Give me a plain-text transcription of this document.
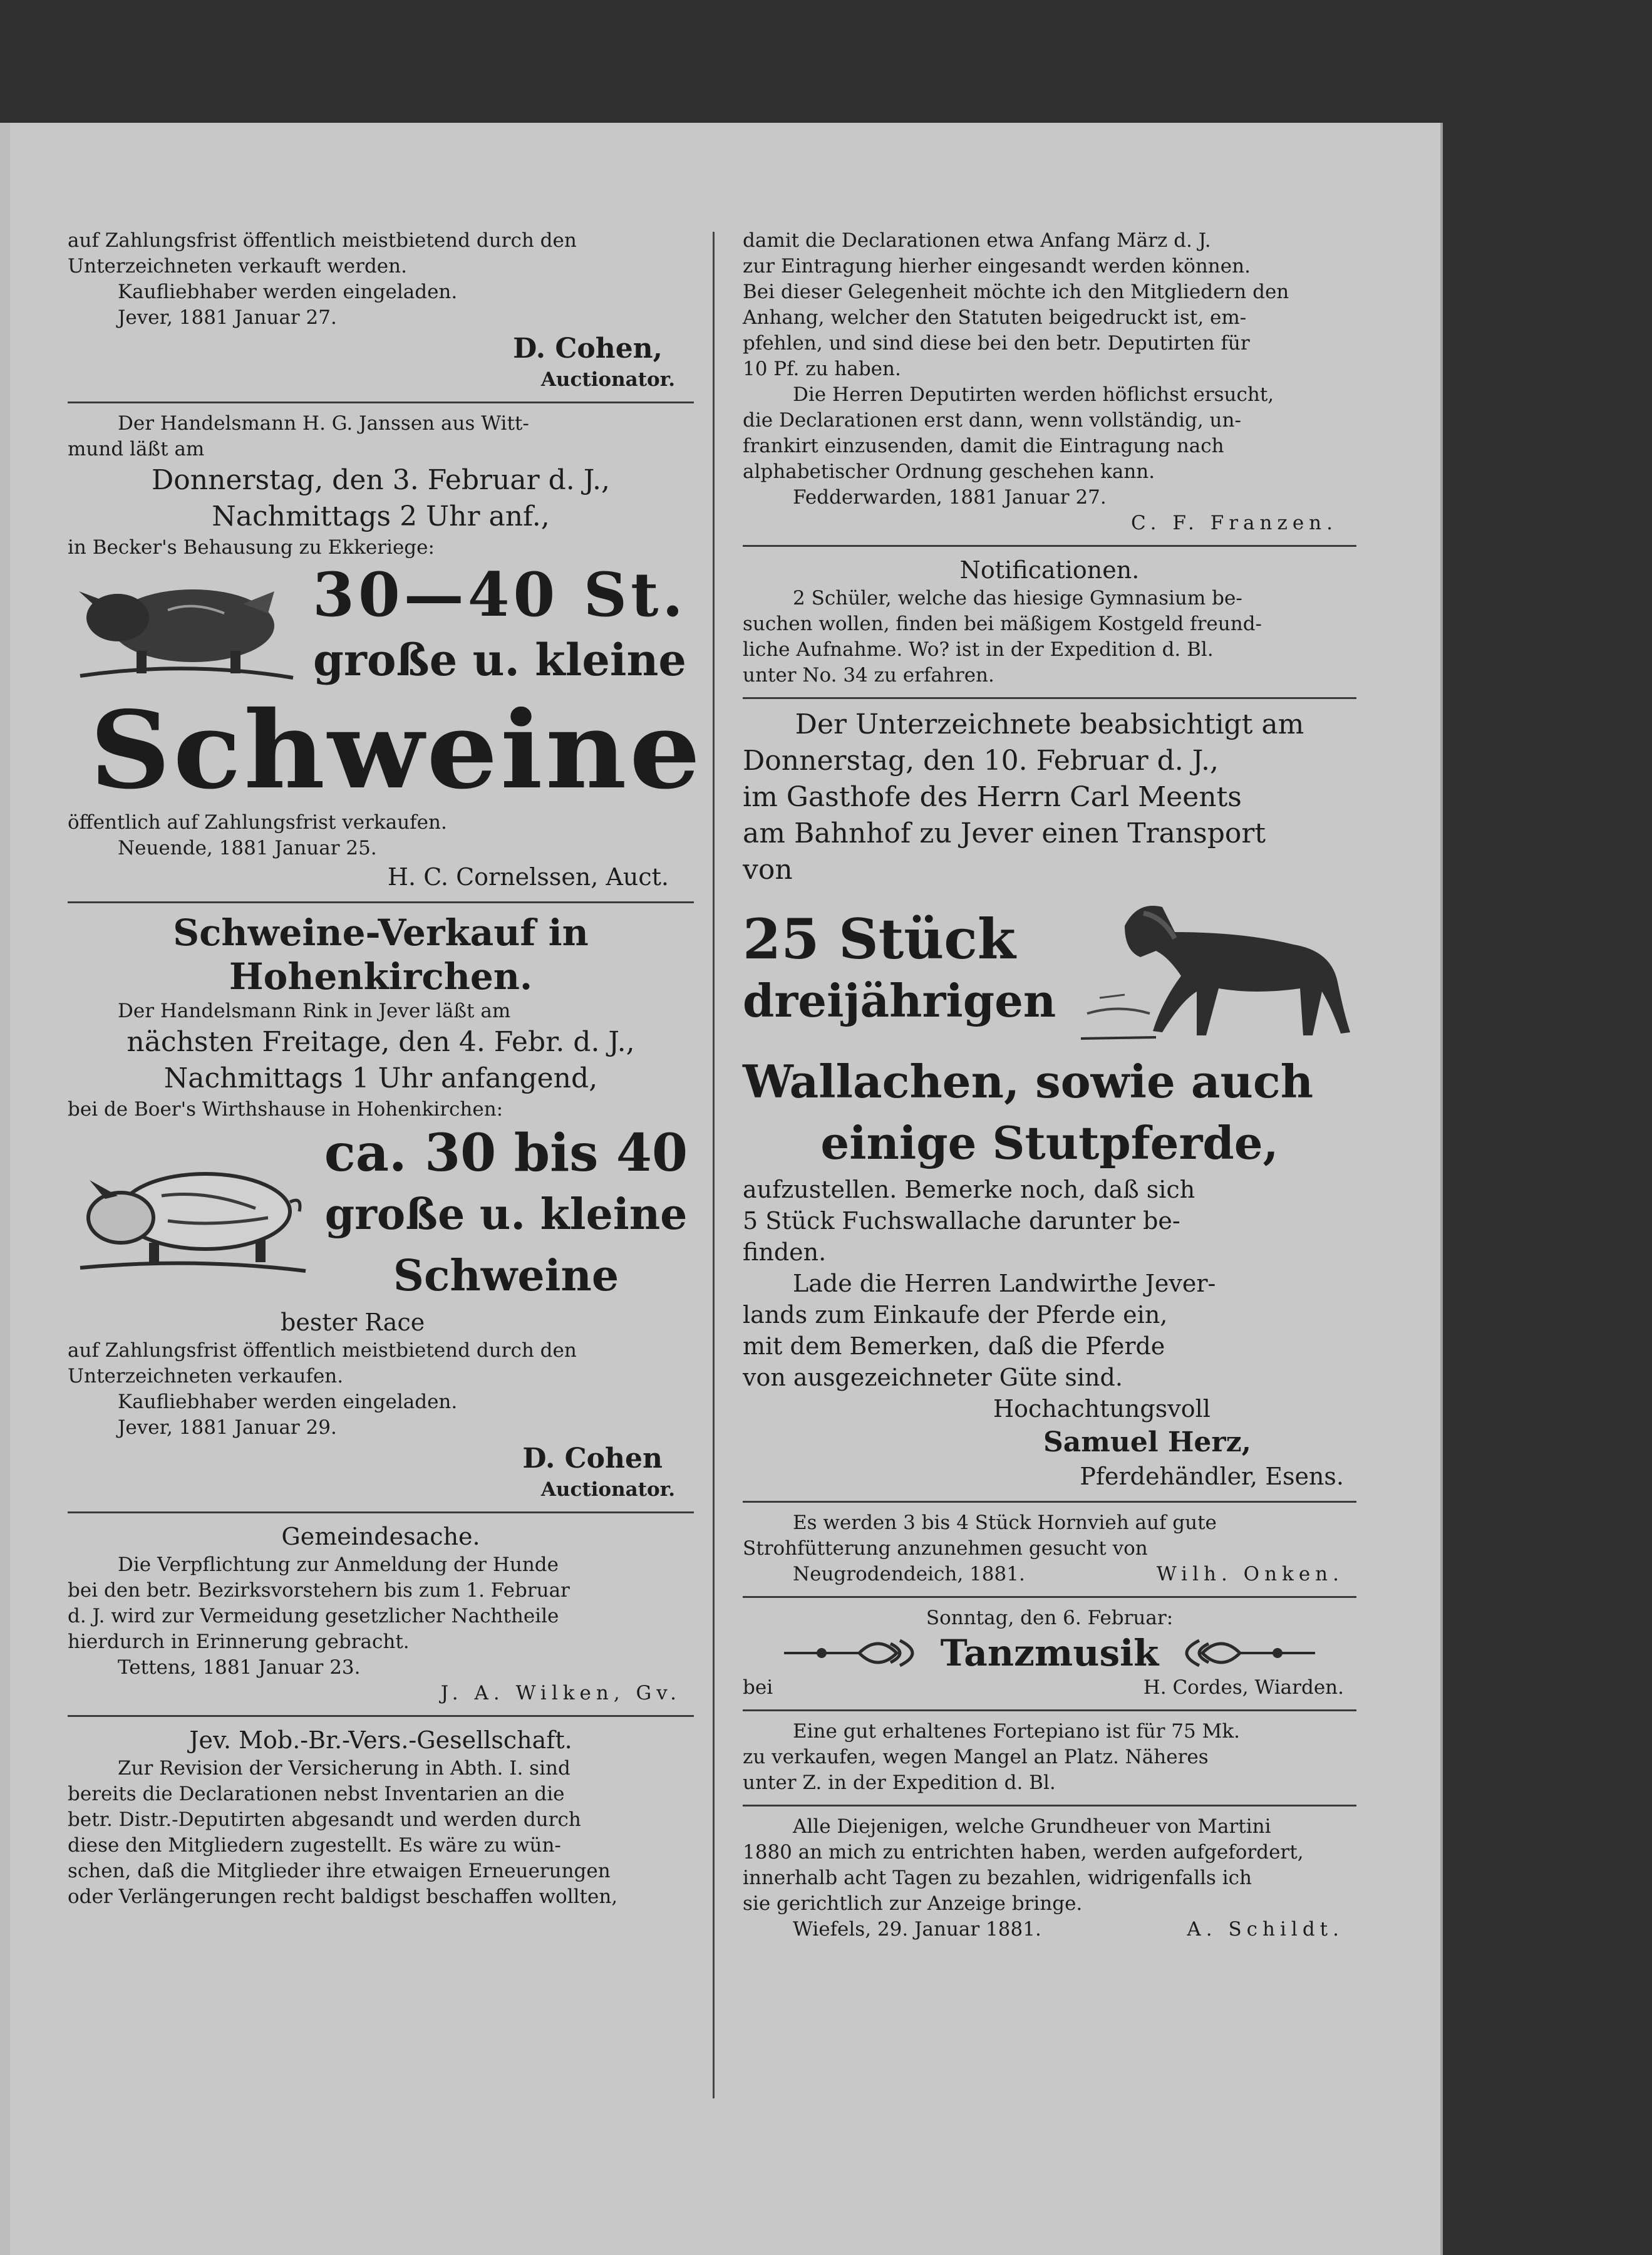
auf Zahlungsfrist öffentlich meistbietend durch den

Unterzeichneten verkauft werden.

Kaufliebhaber werden eingeladen.

Jever, 1881 Januar 27.

D. Cohen,

Auctionator.

Der Handelsmann H. G. Janssen aus Witt-

mund läßt am

Donnerstag, den 3. Februar d. J.,

Nachmittags 2 Uhr anf.,

in Becker's Behausung zu Ekkeriege:

30—40 St.

große u. kleine

Schweine

öffentlich auf Zahlungsfrist verkaufen.

Neuende, 1881 Januar 25.

H. C. Cornelssen, Auct.

Schweine-Verkauf in

Hohenkirchen.

Der Handelsmann Rink in Jever läßt am

nächsten Freitage, den 4. Febr. d. J.,

Nachmittags 1 Uhr anfangend,

bei de Boer's Wirthshause in Hohenkirchen:

ca. 30 bis 40

große u. kleine

Schweine

bester Race

auf Zahlungsfrist öffentlich meistbietend durch den

Unterzeichneten verkaufen.

Kaufliebhaber werden eingeladen.

Jever, 1881 Januar 29.

D. Cohen

Auctionator.

Gemeindesache.

Die Verpflichtung zur Anmeldung der Hunde

bei den betr. Bezirksvorstehern bis zum 1. Februar

d. J. wird zur Vermeidung gesetzlicher Nachtheile

hierdurch in Erinnerung gebracht.

Tettens, 1881 Januar 23.

J. A. Wilken, Gv.

Jev. Mob.-Br.-Vers.-Gesellschaft.

Zur Revision der Versicherung in Abth. I. sind

bereits die Declarationen nebst Inventarien an die

betr. Distr.-Deputirten abgesandt und werden durch

diese den Mitgliedern zugestellt. Es wäre zu wün-

schen, daß die Mitglieder ihre etwaigen Erneuerungen

oder Verlängerungen recht baldigst beschaffen wollten,

damit die Declarationen etwa Anfang März d. J.

zur Eintragung hierher eingesandt werden können.

Bei dieser Gelegenheit möchte ich den Mitgliedern den

Anhang, welcher den Statuten beigedruckt ist, em-

pfehlen, und sind diese bei den betr. Deputirten für

10 Pf. zu haben.

Die Herren Deputirten werden höflichst ersucht,

die Declarationen erst dann, wenn vollständig, un-

frankirt einzusenden, damit die Eintragung nach

alphabetischer Ordnung geschehen kann.

Fedderwarden, 1881 Januar 27.

C. F. Franzen.

Notificationen.

2 Schüler, welche das hiesige Gymnasium be-

suchen wollen, finden bei mäßigem Kostgeld freund-

liche Aufnahme. Wo? ist in der Expedition d. Bl.

unter No. 34 zu erfahren.

Der Unterzeichnete beabsichtigt am

Donnerstag, den 10. Februar d. J.,

im Gasthofe des Herrn Carl Meents

am Bahnhof zu Jever einen Transport

von

25 Stück

dreijährigen

Wallachen, sowie auch

einige Stutpferde,

aufzustellen. Bemerke noch, daß sich

5 Stück Fuchswallache darunter be-

finden.

Lade die Herren Landwirthe Jever-

lands zum Einkaufe der Pferde ein,

mit dem Bemerken, daß die Pferde

von ausgezeichneter Güte sind.

Hochachtungsvoll

Samuel Herz,

Pferdehändler, Esens.

Es werden 3 bis 4 Stück Hornvieh auf gute

Strohfütterung anzunehmen gesucht von

Neugrodendeich, 1881.	Wilh. Onken.

Sonntag, den 6. Februar:

Tanzmusik

bei	H. Cordes, Wiarden.

Eine gut erhaltenes Fortepiano ist für 75 Mk.

zu verkaufen, wegen Mangel an Platz. Näheres

unter Z. in der Expedition d. Bl.

Alle Diejenigen, welche Grundheuer von Martini

1880 an mich zu entrichten haben, werden aufgefordert,

innerhalb acht Tagen zu bezahlen, widrigenfalls ich

sie gerichtlich zur Anzeige bringe.

Wiefels, 29. Januar 1881.	A. Schildt.
